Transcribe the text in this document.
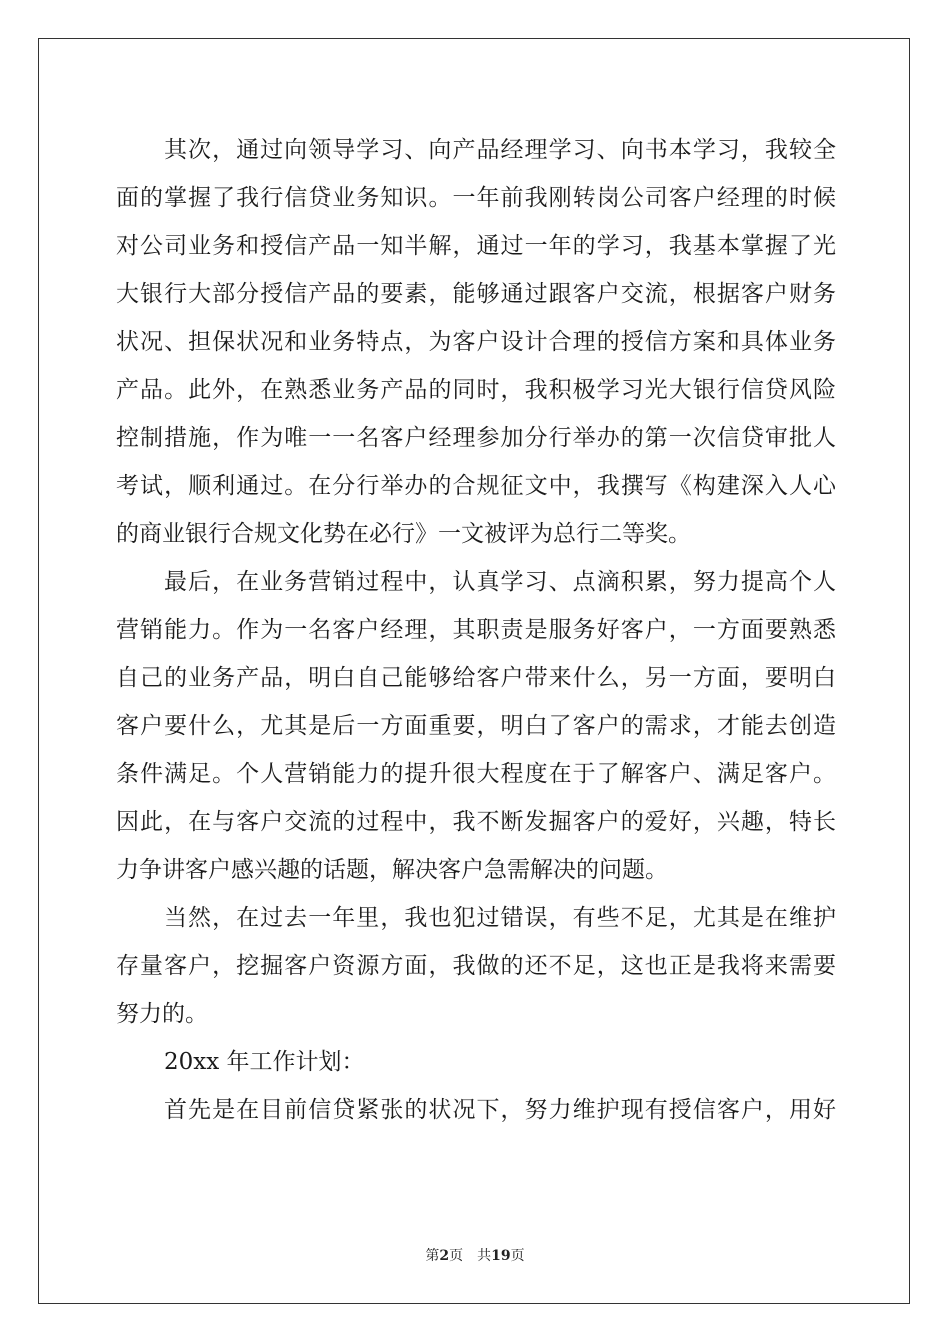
其次，通过向领导学习、向产品经理学习、向书本学习，我较全
面的掌握了我行信贷业务知识。一年前我刚转岗公司客户经理的时候
对公司业务和授信产品一知半解，通过一年的学习，我基本掌握了光
大银行大部分授信产品的要素，能够通过跟客户交流，根据客户财务
状况、担保状况和业务特点，为客户设计合理的授信方案和具体业务
产品。此外，在熟悉业务产品的同时，我积极学习光大银行信贷风险
控制措施，作为唯一一名客户经理参加分行举办的第一次信贷审批人
考试，顺利通过。在分行举办的合规征文中，我撰写《构建深入人心
的商业银行合规文化势在必行》一文被评为总行二等奖。
最后，在业务营销过程中，认真学习、点滴积累，努力提高个人
营销能力。作为一名客户经理，其职责是服务好客户，一方面要熟悉
自己的业务产品，明白自己能够给客户带来什么，另一方面，要明白
客户要什么，尤其是后一方面重要，明白了客户的需求，才能去创造
条件满足。个人营销能力的提升很大程度在于了解客户、满足客户。
因此，在与客户交流的过程中，我不断发掘客户的爱好，兴趣，特长
力争讲客户感兴趣的话题，解决客户急需解决的问题。
当然，在过去一年里，我也犯过错误，有些不足，尤其是在维护
存量客户，挖掘客户资源方面，我做的还不足，这也正是我将来需要
努力的。
20xx 年工作计划：
首先是在目前信贷紧张的状况下，努力维护现有授信客户，用好
第2页 共19页
